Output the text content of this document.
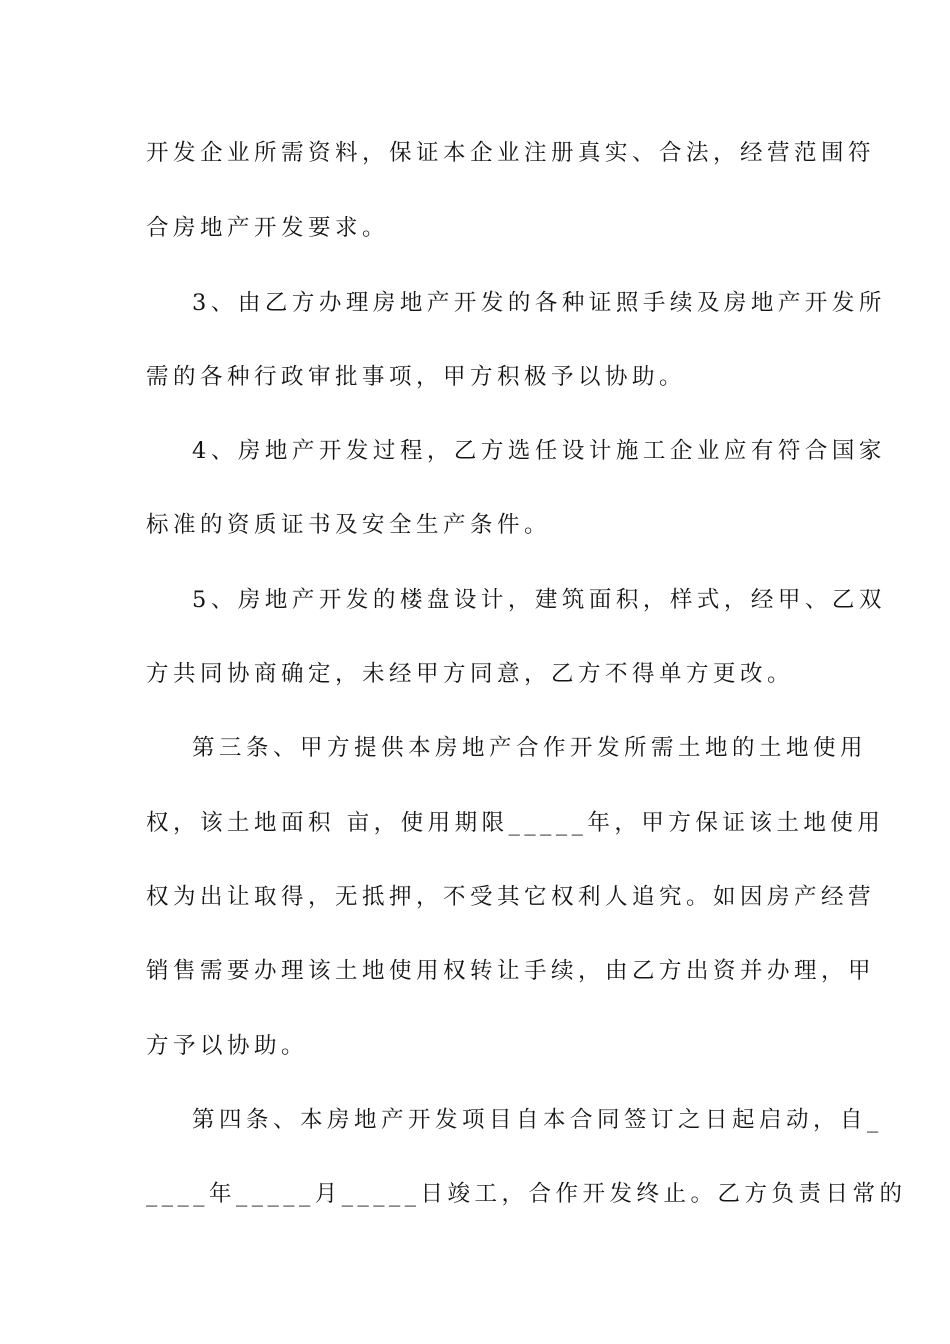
开发企业所需资料，保证本企业注册真实、合法，经营范围符
合房地产开发要求。
3、由乙方办理房地产开发的各种证照手续及房地产开发所
需的各种行政审批事项，甲方积极予以协助。
4、房地产开发过程，乙方选任设计施工企业应有符合国家
标准的资质证书及安全生产条件。
5、房地产开发的楼盘设计，建筑面积，样式，经甲、乙双
方共同协商确定，未经甲方同意，乙方不得单方更改。
第三条、甲方提供本房地产合作开发所需土地的土地使用
权，该土地面积 亩，使用期限_____年，甲方保证该土地使用
权为出让取得，无抵押，不受其它权利人追究。如因房产经营
销售需要办理该土地使用权转让手续，由乙方出资并办理，甲
方予以协助。
第四条、本房地产开发项目自本合同签订之日起启动，自_
____年_____月_____日竣工，合作开发终止。乙方负责日常的
